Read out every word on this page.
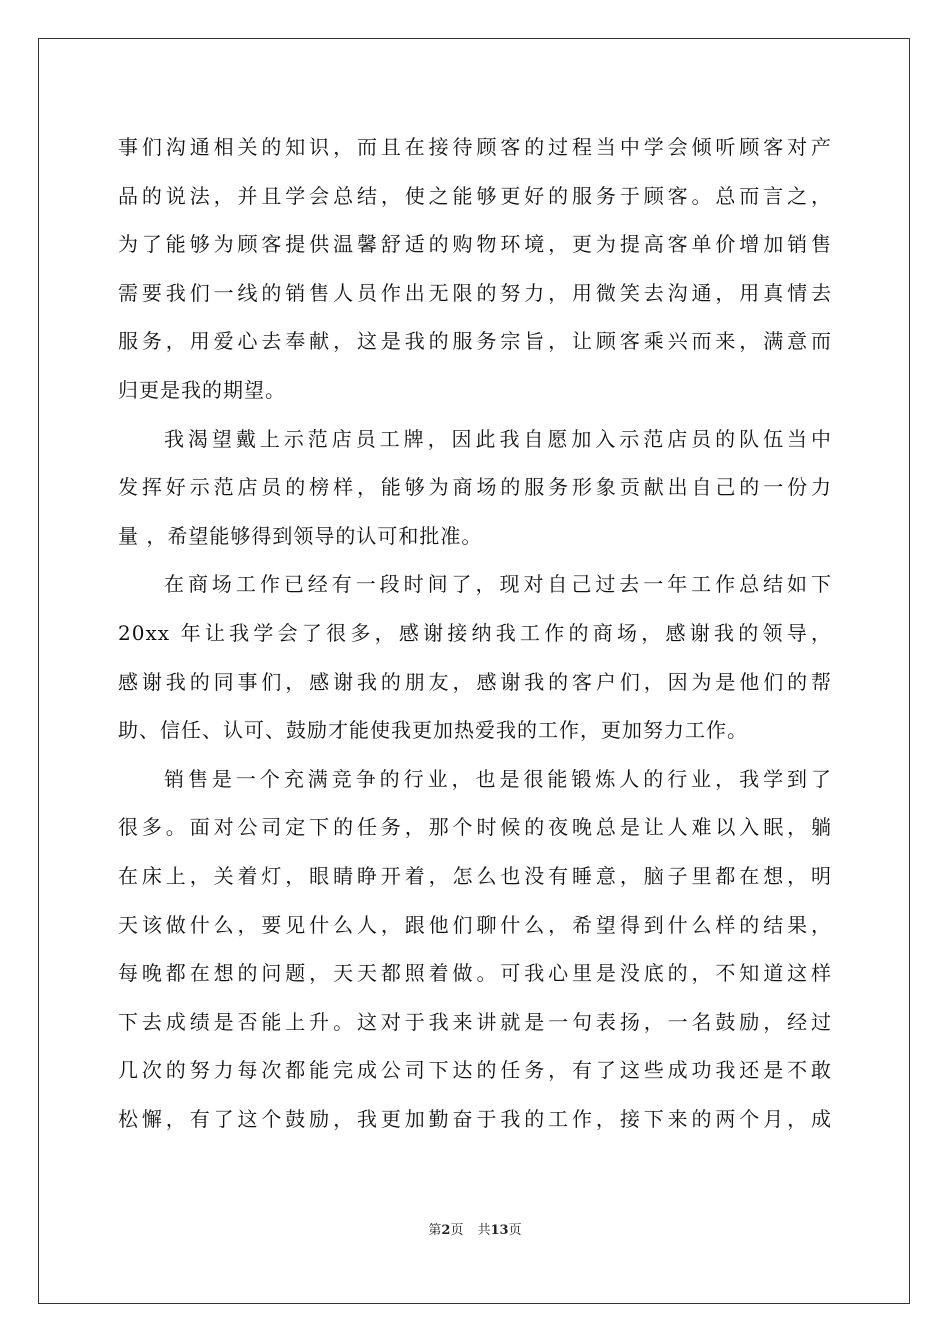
事们沟通相关的知识，而且在接待顾客的过程当中学会倾听顾客对产
品的说法，并且学会总结，使之能够更好的服务于顾客。总而言之，
为了能够为顾客提供温馨舒适的购物环境，更为提高客单价增加销售
需要我们一线的销售人员作出无限的努力，用微笑去沟通，用真情去
服务，用爱心去奉献，这是我的服务宗旨，让顾客乘兴而来，满意而
归更是我的期望。
我渴望戴上示范店员工牌，因此我自愿加入示范店员的队伍当中
发挥好示范店员的榜样，能够为商场的服务形象贡献出自己的一份力
量 ，希望能够得到领导的认可和批准。
在商场工作已经有一段时间了，现对自己过去一年工作总结如下
20xx 年让我学会了很多，感谢接纳我工作的商场，感谢我的领导，
感谢我的同事们，感谢我的朋友，感谢我的客户们，因为是他们的帮
助、信任、认可、鼓励才能使我更加热爱我的工作，更加努力工作。
销售是一个充满竞争的行业，也是很能锻炼人的行业，我学到了
很多。面对公司定下的任务，那个时候的夜晚总是让人难以入眠，躺
在床上，关着灯，眼睛睁开着，怎么也没有睡意，脑子里都在想，明
天该做什么，要见什么人，跟他们聊什么，希望得到什么样的结果，
每晚都在想的问题，天天都照着做。可我心里是没底的，不知道这样
下去成绩是否能上升。这对于我来讲就是一句表扬，一名鼓励，经过
几次的努力每次都能完成公司下达的任务，有了这些成功我还是不敢
松懈，有了这个鼓励，我更加勤奋于我的工作，接下来的两个月，成
第2页 共13页
